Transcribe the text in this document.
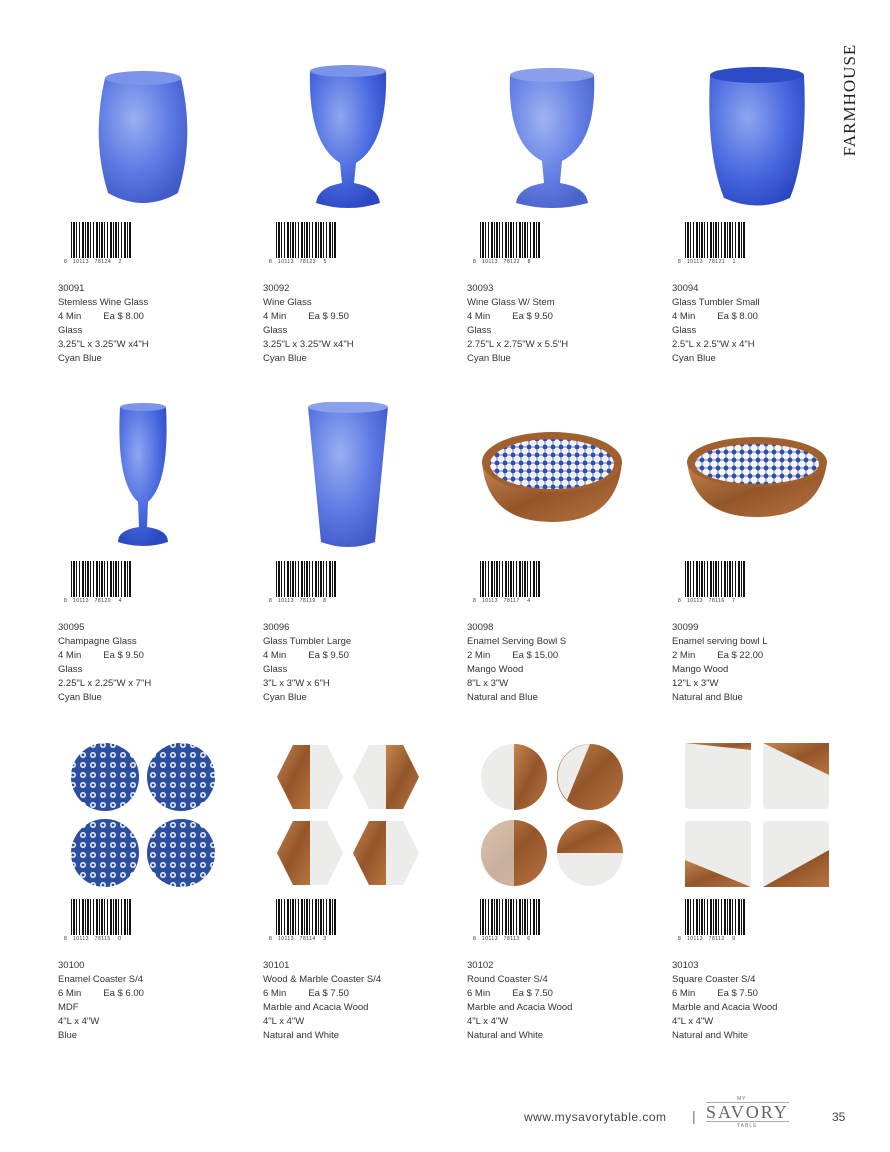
FARMHOUSE
8 10113 78124 2
30091
Stemless Wine Glass
4 Min Ea $ 8.00
Glass
3.25"L x 3.25"W x4"H
Cyan Blue
8 10113 78123 5
30092
Wine Glass
4 Min Ea $ 9.50
Glass
3.25"L x 3.25"W x4"H
Cyan Blue
8 10113 78122 8
30093
Wine Glass W/ Stem
4 Min Ea $ 9.50
Glass
2.75"L x 2.75"W x 5.5"H
Cyan Blue
8 10113 78121 1
30094
Glass Tumbler Small
4 Min Ea $ 8.00
Glass
2.5"L x 2.5"W x 4"H
Cyan Blue
8 10113 78120 4
30095
Champagne Glass
4 Min Ea $ 9.50
Glass
2.25"L x 2.25"W x 7"H
Cyan Blue
8 10113 78119 8
30096
Glass Tumbler Large
4 Min Ea $ 9.50
Glass
3"L x 3"W x 6"H
Cyan Blue
8 10113 78117 4
30098
Enamel Serving Bowl S
2 Min Ea $ 15.00
Mango Wood
8"L x 3"W
Natural and Blue
8 10113 78116 7
30099
Enamel serving bowl L
2 Min Ea $ 22.00
Mango Wood
12"L x 3"W
Natural and Blue
8 10113 78115 0
30100
Enamel Coaster S/4
6 Min Ea $ 6.00
MDF
4"L x 4"W
Blue
8 10113 78114 3
30101
Wood & Marble Coaster S/4
6 Min Ea $ 7.50
Marble and Acacia Wood
4"L x 4"W
Natural and White
8 10113 78113 6
30102
Round Coaster S/4
6 Min Ea $ 7.50
Marble and Acacia Wood
4"L x 4"W
Natural and White
8 10113 78112 9
30103
Square Coaster S/4
6 Min Ea $ 7.50
Marble and Acacia Wood
4"L x 4"W
Natural and White
www.mysavorytable.com |
MY
SAVORY
TABLE
35
